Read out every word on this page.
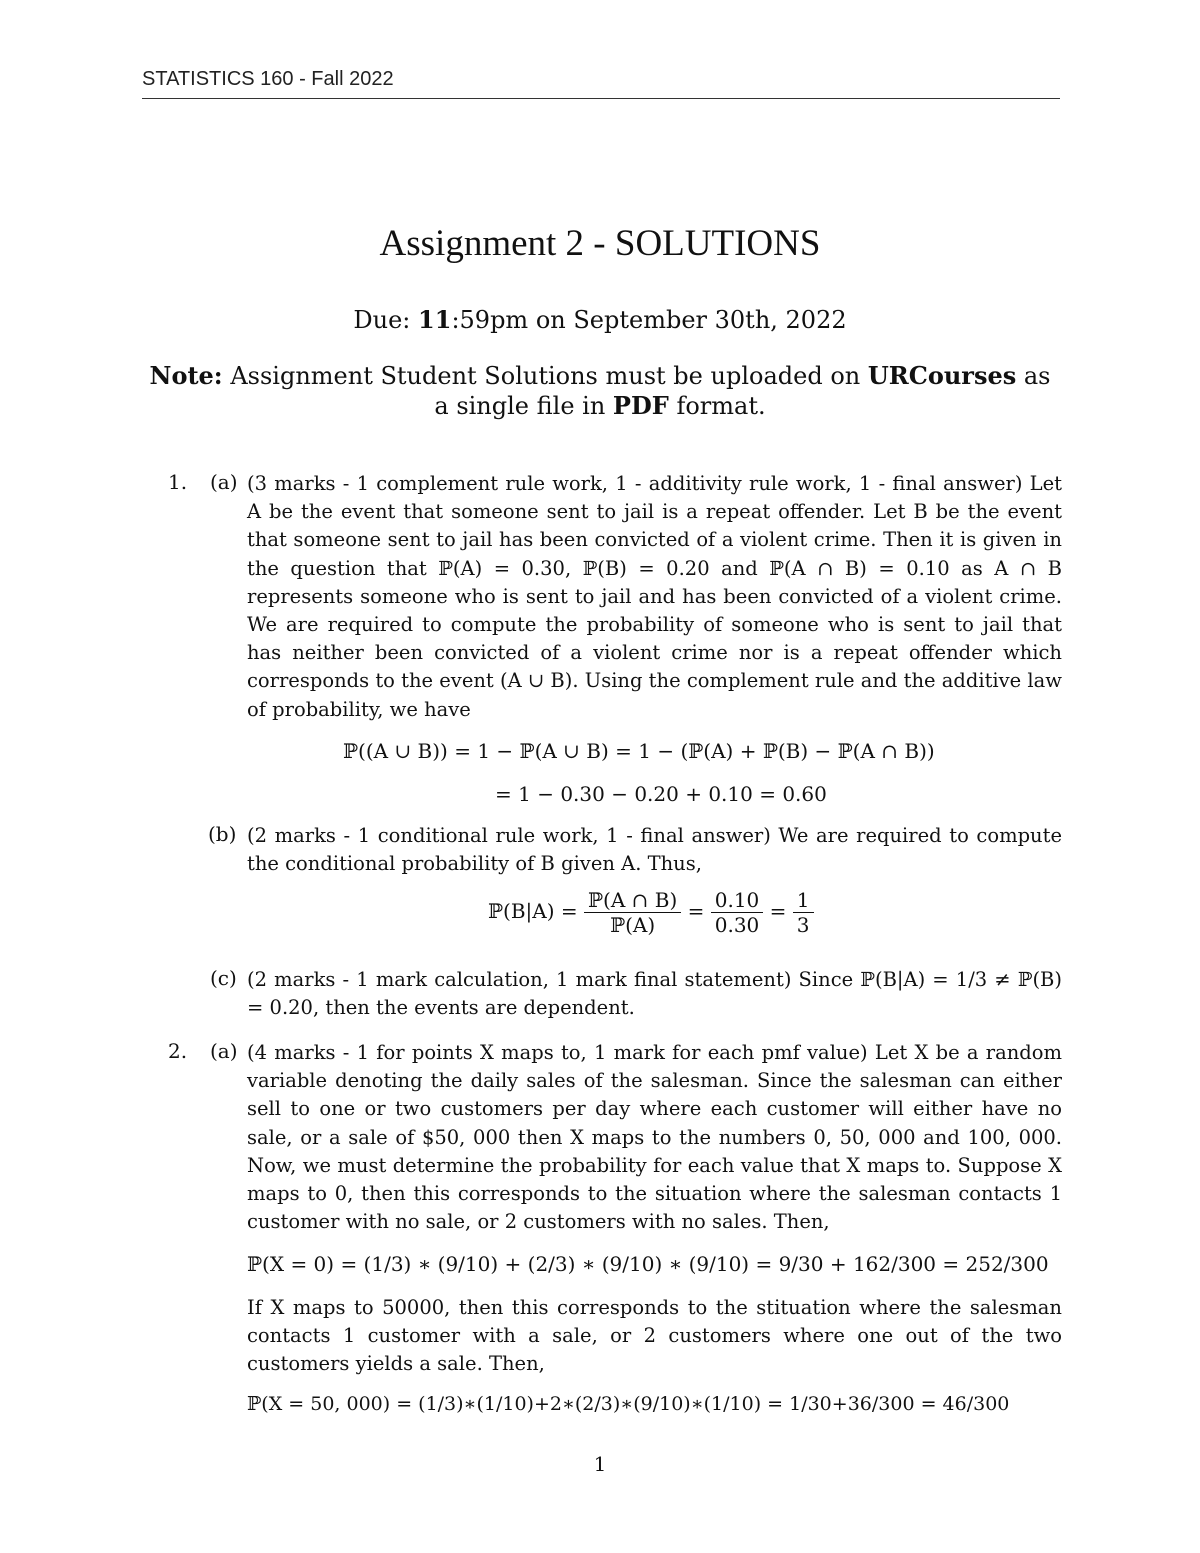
STATISTICS 160 - Fall 2022
Assignment 2 - SOLUTIONS
Due: 11:59pm on September 30th, 2022
Note: Assignment Student Solutions must be uploaded on URCourses as
a single file in PDF format.
1. (a) (3 marks - 1 complement rule work, 1 - additivity rule work, 1 - final answer) Let A be the event that someone sent to jail is a repeat offender. Let B be the event that someone sent to jail has been convicted of a violent crime. Then it is given in the question that ℙ(A) = 0.30, ℙ(B) = 0.20 and ℙ(A ∩ B) = 0.10 as A ∩ B represents someone who is sent to jail and has been convicted of a violent crime. We are required to compute the probability of someone who is sent to jail that has neither been convicted of a violent crime nor is a repeat offender which corresponds to the event (A ∪ B). Using the complement rule and the additive law of probability, we have
ℙ((A ∪ B)) = 1 − ℙ(A ∪ B) = 1 − (ℙ(A) + ℙ(B) − ℙ(A ∩ B))
= 1 − 0.30 − 0.20 + 0.10 = 0.60
(b) (2 marks - 1 conditional rule work, 1 - final answer) We are required to compute the conditional probability of B given A. Thus,
ℙ(B|A) = $\frac{\text{ℙ(A ∩ B)}}{\text{ℙ(A)}} = \frac{0.10}{0.30} = \frac{1}{3}$
(c) (2 marks - 1 mark calculation, 1 mark final statement) Since ℙ(B|A) = 1/3 ≠ ℙ(B) = 0.20, then the events are dependent.
2. (a) (4 marks - 1 for points X maps to, 1 mark for each pmf value) Let X be a random variable denoting the daily sales of the salesman. Since the salesman can either sell to one or two customers per day where each customer will either have no sale, or a sale of $50, 000 then X maps to the numbers 0, 50, 000 and 100, 000. Now, we must determine the probability for each value that X maps to. Suppose X maps to 0, then this corresponds to the situation where the salesman contacts 1 customer with no sale, or 2 customers with no sales. Then,
ℙ(X = 0) = (1/3) ∗ (9/10) + (2/3) ∗ (9/10) ∗ (9/10) = 9/30 + 162/300 = 252/300
If X maps to 50000, then this corresponds to the stituation where the salesman contacts 1 customer with a sale, or 2 customers where one out of the two customers yields a sale. Then,
ℙ(X = 50, 000) = (1/3)∗(1/10)+2∗(2/3)∗(9/10)∗(1/10) = 1/30+36/300 = 46/300
1
